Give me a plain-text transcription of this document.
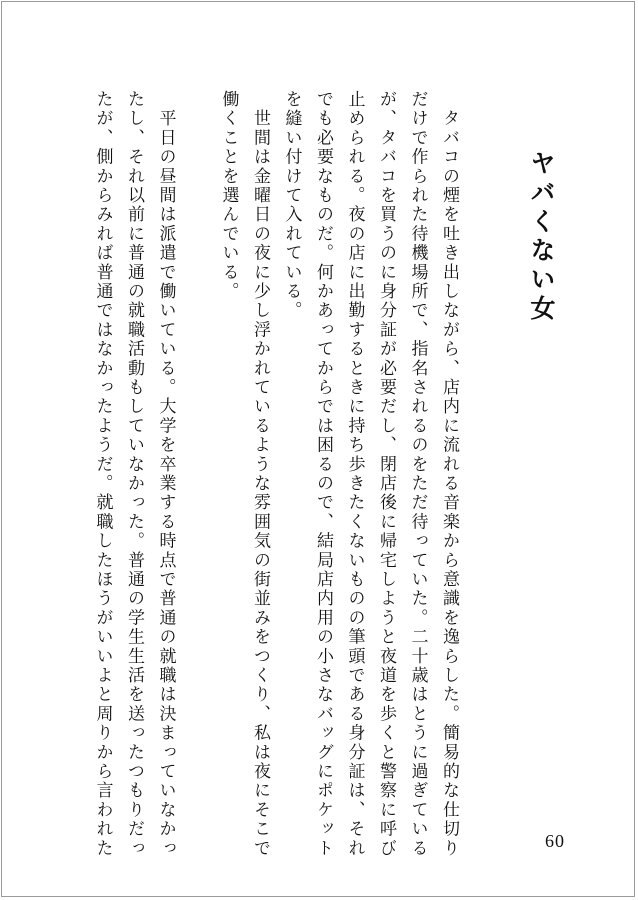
ヤバくない女
　タバコの煙を吐き出しながら、店内に流れる音楽から意識を逸らした。簡易的な仕切り
だけで作られた待機場所で、指名されるのをただ待っていた。二十歳はとうに過ぎている
が、タバコを買うのに身分証が必要だし、閉店後に帰宅しようと夜道を歩くと警察に呼び
止められる。夜の店に出勤するときに持ち歩きたくないものの筆頭である身分証は、それ
でも必要なものだ。何かあってからでは困るので、結局店内用の小さなバッグにポケット
を縫い付けて入れている。
　世間は金曜日の夜に少し浮かれているような雰囲気の街並みをつくり、私は夜にそこで
働くことを選んでいる。

　平日の昼間は派遣で働いている。大学を卒業する時点で普通の就職は決まっていなかっ
たし、それ以前に普通の就職活動もしていなかった。普通の学生生活を送ったつもりだっ
たが、側からみれば普通ではなかったようだ。就職したほうがいいよと周りから言われた	60
